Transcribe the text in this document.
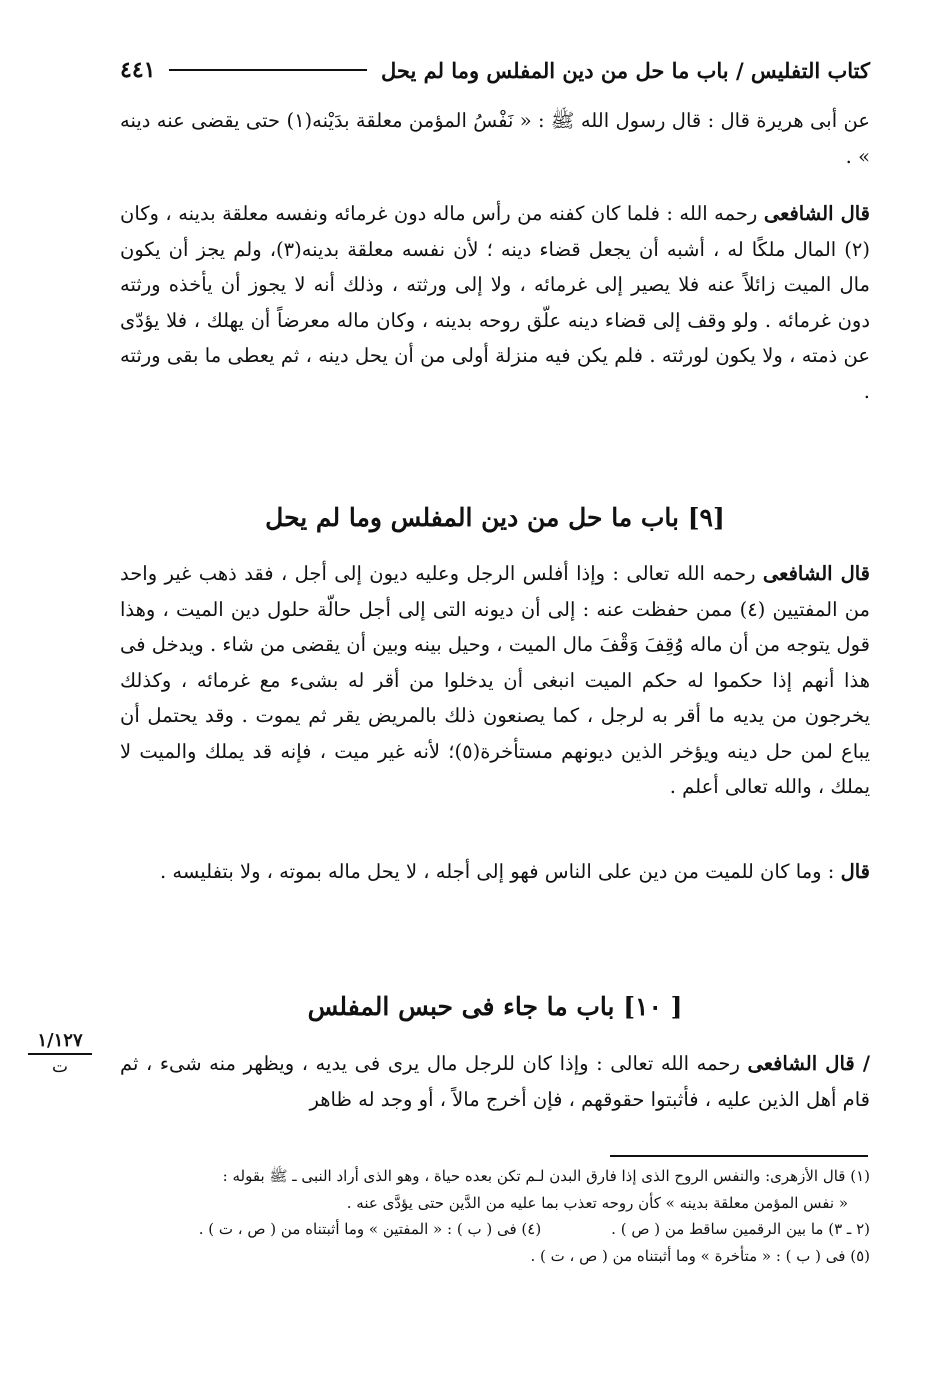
كتاب التفليس / باب ما حل من دين المفلس وما لم يحل
٤٤١

عن أبى هريرة قال : قال رسول الله ﷺ : « نَفْسُ المؤمن معلقة بدَيْنه(١) حتى يقضى عنه دينه » .

قال الشافعى رحمه الله : فلما كان كفنه من رأس ماله دون غرمائه ونفسه معلقة بدينه ، وكان (٢) المال ملكًا له ، أشبه أن يجعل قضاء دينه ؛ لأن نفسه معلقة بدينه(٣)، ولم يجز أن يكون مال الميت زائلاً عنه فلا يصير إلى غرمائه ، ولا إلى ورثته ، وذلك أنه لا يجوز أن يأخذه ورثته دون غرمائه . ولو وقف إلى قضاء دينه علّق روحه بدينه ، وكان ماله معرضاً أن يهلك ، فلا يؤدّى عن ذمته ، ولا يكون لورثته . فلم يكن فيه منزلة أولى من أن يحل دينه ، ثم يعطى ما بقى ورثته .

[٩] باب ما حل من دين المفلس وما لم يحل

قال الشافعى رحمه الله تعالى : وإذا أفلس الرجل وعليه ديون إلى أجل ، فقد ذهب غير واحد من المفتيين (٤) ممن حفظت عنه : إلى أن ديونه التى إلى أجل حالّة حلول دين الميت ، وهذا قول يتوجه من أن ماله وُقِفَ وَقْفَ مال الميت ، وحيل بينه وبين أن يقضى من شاء . ويدخل فى هذا أنهم إذا حكموا له حكم الميت انبغى أن يدخلوا من أقر له بشىء مع غرمائه ، وكذلك يخرجون من يديه ما أقر به لرجل ، كما يصنعون ذلك بالمريض يقر ثم يموت . وقد يحتمل أن يباع لمن حل دينه ويؤخر الذين ديونهم مستأخرة(٥)؛ لأنه غير ميت ، فإنه قد يملك والميت لا يملك ، والله تعالى أعلم .

قال : وما كان للميت من دين على الناس فهو إلى أجله ، لا يحل ماله بموته ، ولا بتفليسه .

[ ١٠] باب ما جاء فى حبس المفلس
١/١٢٧
ت	/ قال الشافعى رحمه الله تعالى : وإذا كان للرجل مال يرى فى يديه ، ويظهر منه شىء ، ثم قام أهل الذين عليه ، فأثبتوا حقوقهم ، فإن أخرج مالاً ، أو وجد له ظاهر

(١) قال الأزهرى: والنفس الروح الذى إذا فارق البدن لـم تكن بعده حياة ، وهو الذى أراد النبى ـ ﷺ بقوله :

« نفس المؤمن معلقة بدينه » كأن روحه تعذب بما عليه من الدَّين حتى يؤدَّى عنه .

(٢ ـ ٣) ما بين الرقمين ساقط من ( ص ) .(٤) فى ( ب ) : « المفتين » وما أثبتناه من ( ص ، ت ) .

(٥) فى ( ب ) : « متأخرة » وما أثبتناه من ( ص ، ت ) .
